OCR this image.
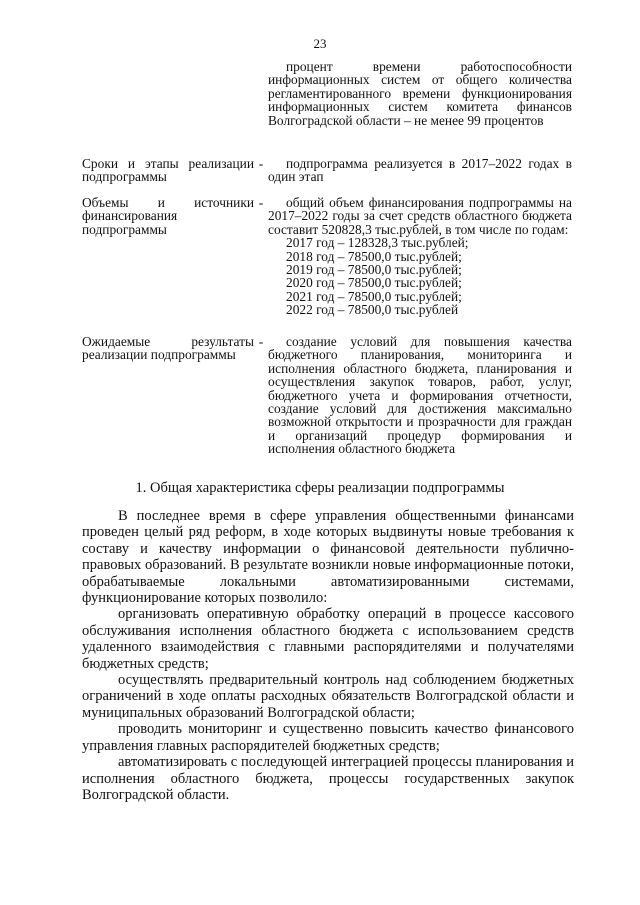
23
процент времени работоспособности информационных систем от общего количества регламентированного времени функционирования информационных систем комитета финансов Волгоградской области – не менее 99 процентов
Сроки и этапы реализации подпрограммы
-	подпрограмма реализуется в 2017–2022 годах в один этап
Объемы и источники финансирования подпрограммы
-	общий объем финансирования подпрограммы на 2017–2022 годы за счет средств областного бюджета составит 520828,3 тыс.рублей, в том числе по годам:
2017 год – 128328,3 тыс.рублей;
2018 год – 78500,0 тыс.рублей;
2019 год – 78500,0 тыс.рублей;
2020 год – 78500,0 тыс.рублей;
2021 год – 78500,0 тыс.рублей;
2022 год – 78500,0 тыс.рублей
Ожидаемые результаты реализации подпрограммы
-	создание условий для повышения качества бюджетного планирования, мониторинга и исполнения областного бюджета, планирования и осуществления закупок товаров, работ, услуг, бюджетного учета и формирования отчетности, создание условий для достижения максимально возможной открытости и прозрачности для граждан и организаций процедур формирования и исполнения областного бюджета
1. Общая характеристика сферы реализации подпрограммы

В последнее время в сфере управления общественными финансами проведен целый ряд реформ, в ходе которых выдвинуты новые требования к составу и качеству информации о финансовой деятельности публично-правовых образований. В результате возникли новые информационные потоки, обрабатываемые локальными автоматизированными системами, функционирование которых позволило:

организовать оперативную обработку операций в процессе кассового обслуживания исполнения областного бюджета с использованием средств удаленного взаимодействия с главными распорядителями и получателями бюджетных средств;

осуществлять предварительный контроль над соблюдением бюджетных ограничений в ходе оплаты расходных обязательств Волгоградской области и муниципальных образований Волгоградской области;

проводить мониторинг и существенно повысить качество финансового управления главных распорядителей бюджетных средств;

автоматизировать с последующей интеграцией процессы планирования и исполнения областного бюджета, процессы государственных закупок Волгоградской области.
